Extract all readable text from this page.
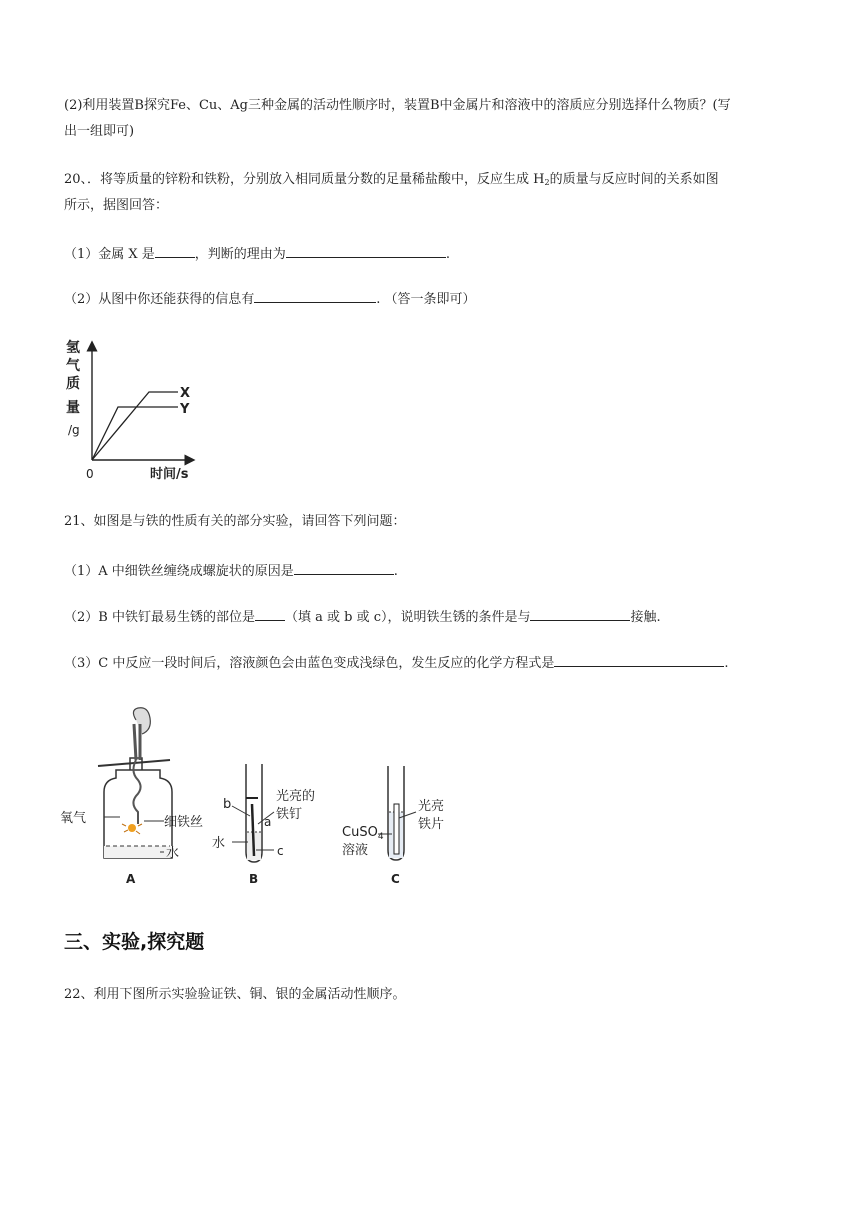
(2)利用装置B探究Fe、Cu、Ag三种金属的活动性顺序时，装置B中金属片和溶液中的溶质应分别选择什么物质？(写
出一组即可)
20、．将等质量的锌粉和铁粉，分别放入相同质量分数的足量稀盐酸中，反应生成 $H_2$的质量与反应时间的关系如图
所示，据图回答：
（1）金属 X 是	，判断的理由为	.
（2）从图中你还能获得的信息有	. （答一条即可）
X
Y
氢
气
质
量
/g
0	时间/s
21、如图是与铁的性质有关的部分实验，请回答下列问题：
（1）A 中细铁丝缠绕成螺旋状的原因是	.
（2）B 中铁钉最易生锈的部位是 （填 a 或 b 或 c），说明铁生锈的条件是与	接触.
（3）C 中反应一段时间后，溶液颜色会由蓝色变成浅绿色，发生反应的化学方程式是	.
氧气	细铁丝
水
A
b
光亮的
铁钉
a
水	c
B
CuSO$_4$
溶液
光亮
铁片
C
三、实验,探究题
22、利用下图所示实验验证铁、铜、银的金属活动性顺序。
